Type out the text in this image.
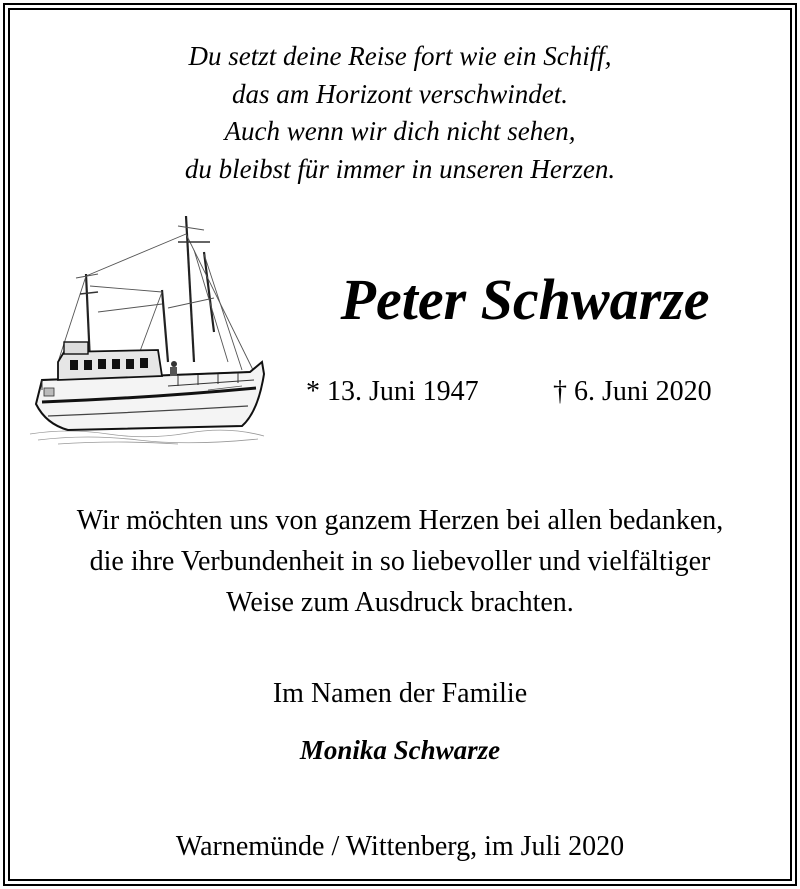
Du setzt deine Reise fort wie ein Schiff,
das am Horizont verschwindet.
Auch wenn wir dich nicht sehen,
du bleibst für immer in unseren Herzen.
Peter Schwarze
* 13. Juni 1947	† 6. Juni 2020
Wir möchten uns von ganzem Herzen bei allen bedanken,
die ihre Verbundenheit in so liebevoller und vielfältiger
Weise zum Ausdruck brachten.
Im Namen der Familie
Monika Schwarze
Warnemünde / Wittenberg, im Juli 2020
